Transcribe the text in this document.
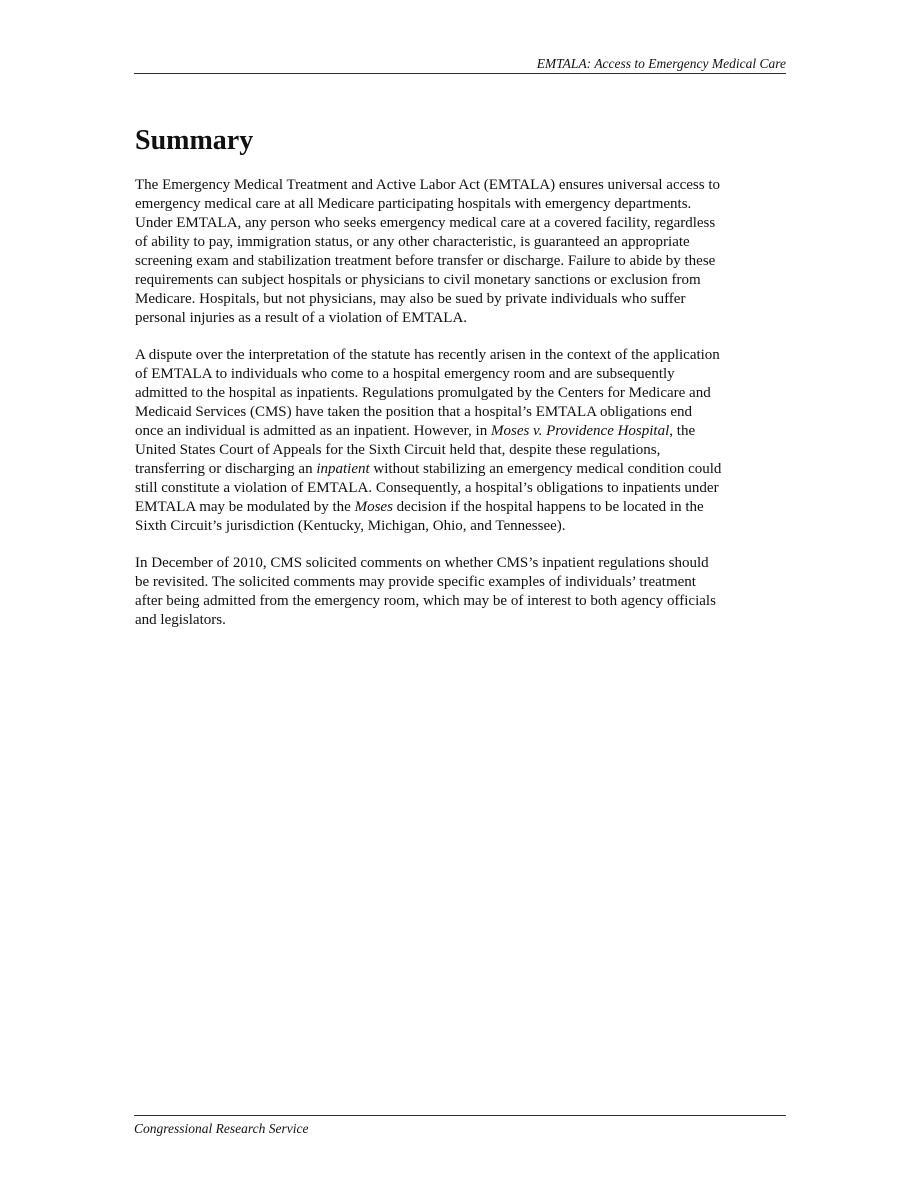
EMTALA: Access to Emergency Medical Care
Summary

The Emergency Medical Treatment and Active Labor Act (EMTALA) ensures universal access to
emergency medical care at all Medicare participating hospitals with emergency departments.
Under EMTALA, any person who seeks emergency medical care at a covered facility, regardless
of ability to pay, immigration status, or any other characteristic, is guaranteed an appropriate
screening exam and stabilization treatment before transfer or discharge. Failure to abide by these
requirements can subject hospitals or physicians to civil monetary sanctions or exclusion from
Medicare. Hospitals, but not physicians, may also be sued by private individuals who suffer
personal injuries as a result of a violation of EMTALA.

A dispute over the interpretation of the statute has recently arisen in the context of the application
of EMTALA to individuals who come to a hospital emergency room and are subsequently
admitted to the hospital as inpatients. Regulations promulgated by the Centers for Medicare and
Medicaid Services (CMS) have taken the position that a hospital’s EMTALA obligations end
once an individual is admitted as an inpatient. However, in Moses v. Providence Hospital, the
United States Court of Appeals for the Sixth Circuit held that, despite these regulations,
transferring or discharging an inpatient without stabilizing an emergency medical condition could
still constitute a violation of EMTALA. Consequently, a hospital’s obligations to inpatients under
EMTALA may be modulated by the Moses decision if the hospital happens to be located in the
Sixth Circuit’s jurisdiction (Kentucky, Michigan, Ohio, and Tennessee).

In December of 2010, CMS solicited comments on whether CMS’s inpatient regulations should
be revisited. The solicited comments may provide specific examples of individuals’ treatment
after being admitted from the emergency room, which may be of interest to both agency officials
and legislators.

Congressional Research Service
